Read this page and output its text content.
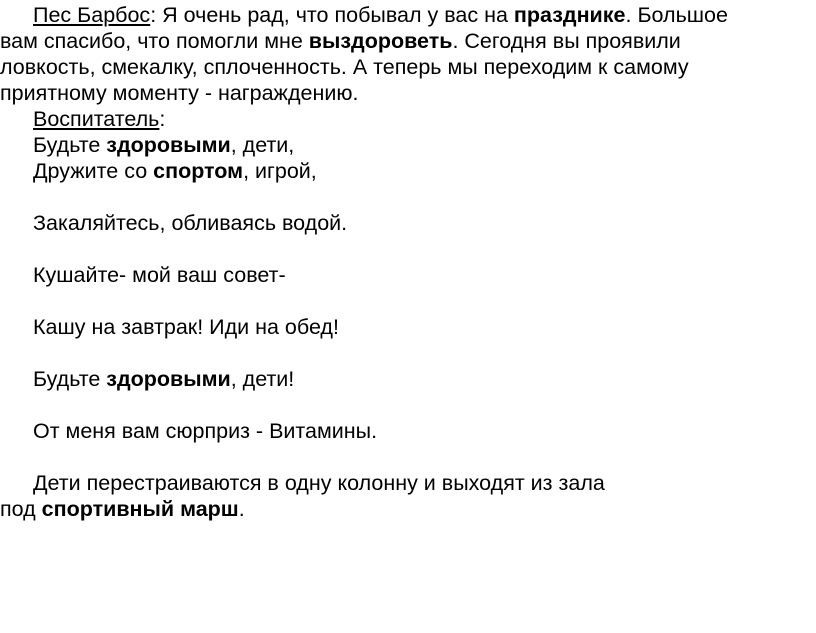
Пес Барбос: Я очень рад, что побывал у вас на празднике. Большое

вам спасибо, что помогли мне выздороветь. Сегодня вы проявили

ловкость, смекалку, сплоченность. А теперь мы переходим к самому

приятному моменту - награждению.

Воспитатель:

Будьте здоровыми, дети,

Дружите со спортом, игрой,

Закаляйтесь, обливаясь водой.

Кушайте- мой ваш совет-

Кашу на завтрак! Иди на обед!

Будьте здоровыми, дети!

От меня вам сюрприз - Витамины.

Дети перестраиваются в одну колонну и выходят из зала

под спортивный марш.
